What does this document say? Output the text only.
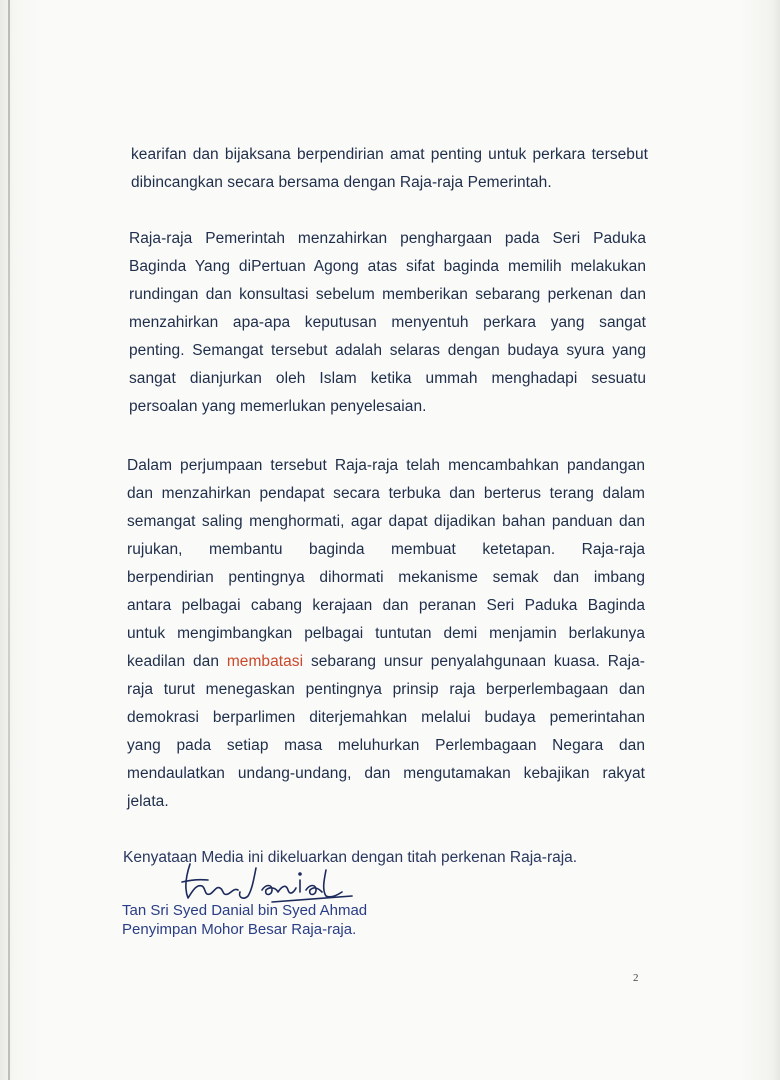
kearifan dan bijaksana berpendirian amat penting untuk perkara tersebut
dibincangkan secara bersama dengan Raja-raja Pemerintah.
Raja-raja Pemerintah menzahirkan penghargaan pada Seri Paduka
Baginda Yang diPertuan Agong atas sifat baginda memilih melakukan
rundingan dan konsultasi sebelum memberikan sebarang perkenan dan
menzahirkan apa-apa keputusan menyentuh perkara yang sangat
penting. Semangat tersebut adalah selaras dengan budaya syura yang
sangat dianjurkan oleh Islam ketika ummah menghadapi sesuatu
persoalan yang memerlukan penyelesaian.
Dalam perjumpaan tersebut Raja-raja telah mencambahkan pandangan
dan menzahirkan pendapat secara terbuka dan berterus terang dalam
semangat saling menghormati, agar dapat dijadikan bahan panduan dan
rujukan, membantu baginda membuat ketetapan. Raja-raja
berpendirian pentingnya dihormati mekanisme semak dan imbang
antara pelbagai cabang kerajaan dan peranan Seri Paduka Baginda
untuk mengimbangkan pelbagai tuntutan demi menjamin berlakunya
keadilan dan membatasi sebarang unsur penyalahgunaan kuasa. Raja-
raja turut menegaskan pentingnya prinsip raja berperlembagaan dan
demokrasi berparlimen diterjemahkan melalui budaya pemerintahan
yang pada setiap masa meluhurkan Perlembagaan Negara dan
mendaulatkan undang-undang, dan mengutamakan kebajikan rakyat
jelata.
Kenyataan Media ini dikeluarkan dengan titah perkenan Raja-raja.
Tan Sri Syed Danial bin Syed Ahmad
Penyimpan Mohor Besar Raja-raja.
2
